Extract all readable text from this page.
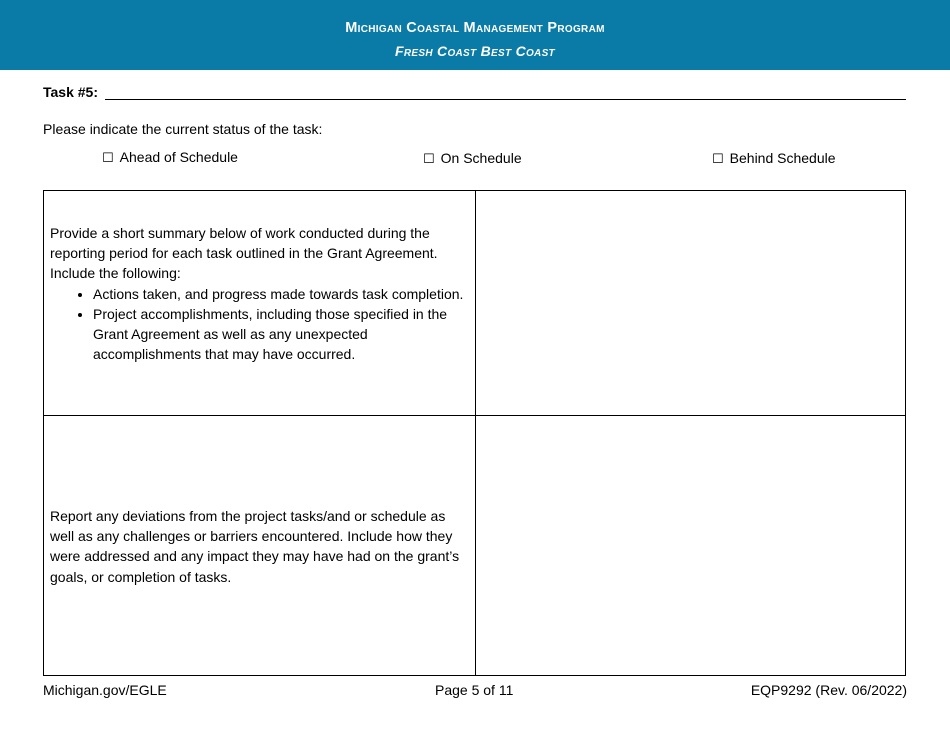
Michigan Coastal Management Program
Fresh Coast Best Coast
Task #5:
Please indicate the current status of the task:
☐ Ahead of Schedule	☐ On Schedule	☐ Behind Schedule

Provide a short summary below of work conducted during the reporting period for each task outlined in the Grant Agreement. Include the following:

• Actions taken, and progress made towards task completion.
• Project accomplishments, including those specified in the Grant Agreement as well as any unexpected accomplishments that may have occurred.
Report any deviations from the project tasks/and or schedule as well as any challenges or barriers encountered. Include how they were addressed and any impact they may have had on the grant’s goals, or completion of tasks.
Michigan.gov/EGLE	Page 5 of 11	EQP9292 (Rev. 06/2022)
